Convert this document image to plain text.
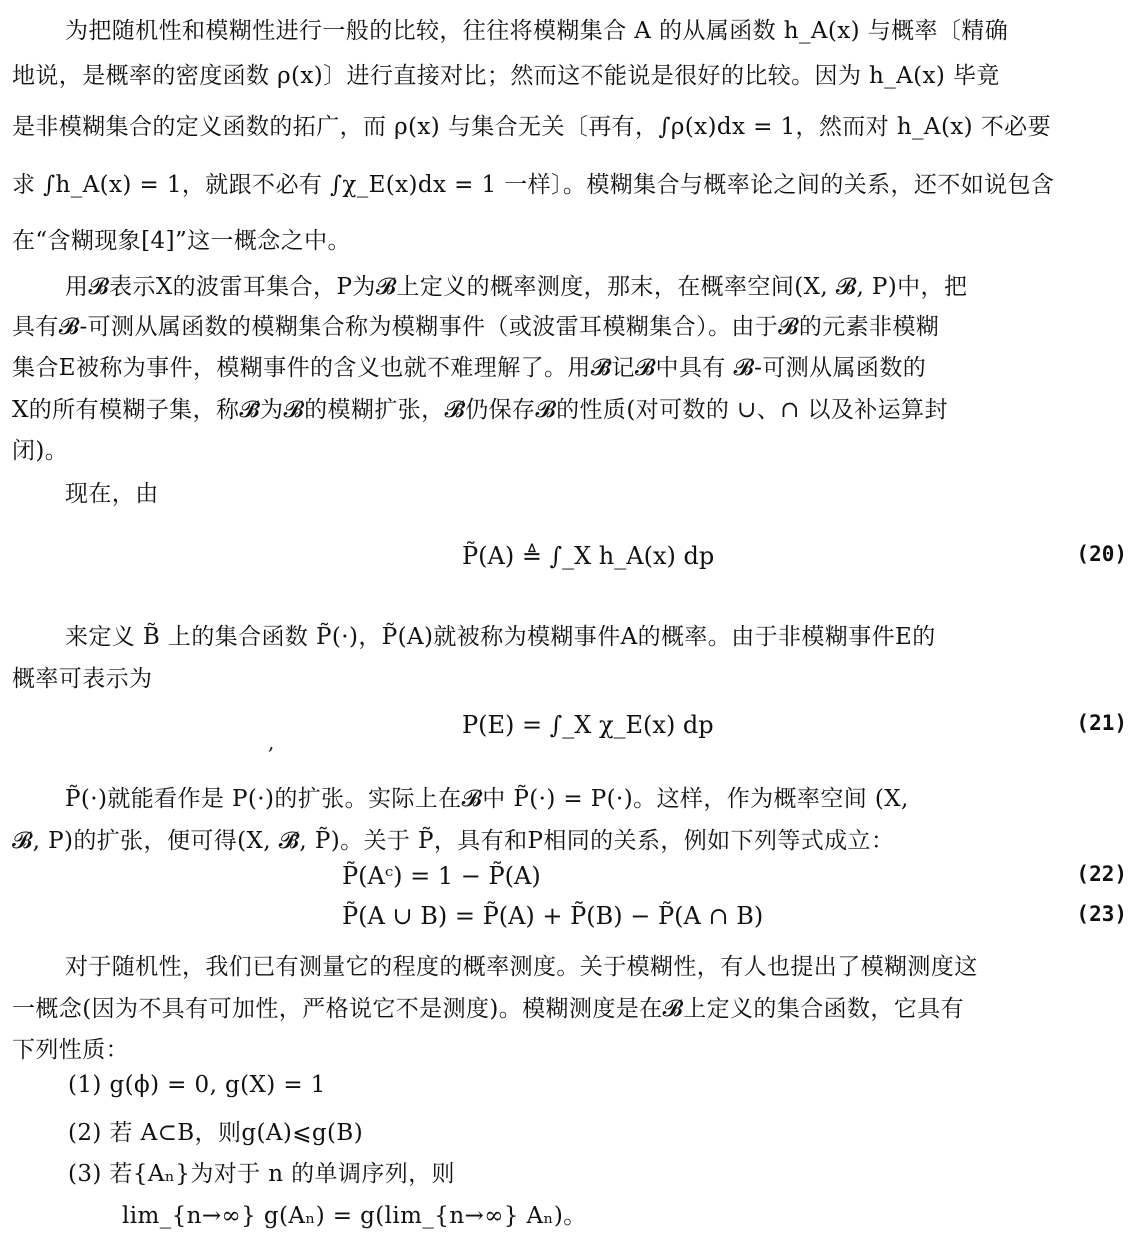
为把随机性和模糊性进行一般的比较，往往将模糊集合 A 的从属函数 h_A(x) 与概率〔精确
地说，是概率的密度函数 ρ(x)〕进行直接对比；然而这不能说是很好的比较。因为 h_A(x) 毕竟
是非模糊集合的定义函数的拓广，而 ρ(x) 与集合无关〔再有，∫ρ(x)dx = 1，然而对 h_A(x) 不必要
求 ∫h_A(x) = 1，就跟不必有 ∫χ_E(x)dx = 1 一样〕。模糊集合与概率论之间的关系，还不如说包含
在“含糊现象[4]”这一概念之中。
用𝓑表示X的波雷耳集合，P为𝓑上定义的概率测度，那末，在概率空间(X, 𝓑, P)中，把
具有𝓑-可测从属函数的模糊集合称为模糊事件（或波雷耳模糊集合）。由于𝓑的元素非模糊
集合E被称为事件，模糊事件的含义也就不难理解了。用𝓑̃记𝓑中具有 𝓑-可测从属函数的
X的所有模糊子集，称𝓑̃为𝓑的模糊扩张，𝓑̃仍保存𝓑的性质(对可数的 ∪、∩ 以及补运算封
闭)。
现在，由
P̃(A) ≜ ∫_X h_A(x) dp	(20)
来定义 B̃ 上的集合函数 P̃(·)，P̃(A)就被称为模糊事件A的概率。由于非模糊事件E的
概率可表示为
P(E) = ∫_X χ_E(x) dp	(21)
,
P̃(·)就能看作是 P(·)的扩张。实际上在𝓑中 P̃(·) = P(·)。这样，作为概率空间 (X,
𝓑, P)的扩张，便可得(X, 𝓑̃, P̃)。关于 P̃，具有和P相同的关系，例如下列等式成立：
P̃(Aᶜ) = 1 − P̃(A)	(22)
P̃(A ∪ B) = P̃(A) + P̃(B) − P̃(A ∩ B)	(23)
对于随机性，我们已有测量它的程度的概率测度。关于模糊性，有人也提出了模糊测度这
一概念(因为不具有可加性，严格说它不是测度)。模糊测度是在𝓑上定义的集合函数，它具有
下列性质：
(1) g(ϕ) = 0, g(X) = 1
(2) 若 A⊂B，则g(A)⩽g(B)
(3) 若{Aₙ}为对于 n 的单调序列，则
lim_{n→∞} g(Aₙ) = g(lim_{n→∞} Aₙ)。
